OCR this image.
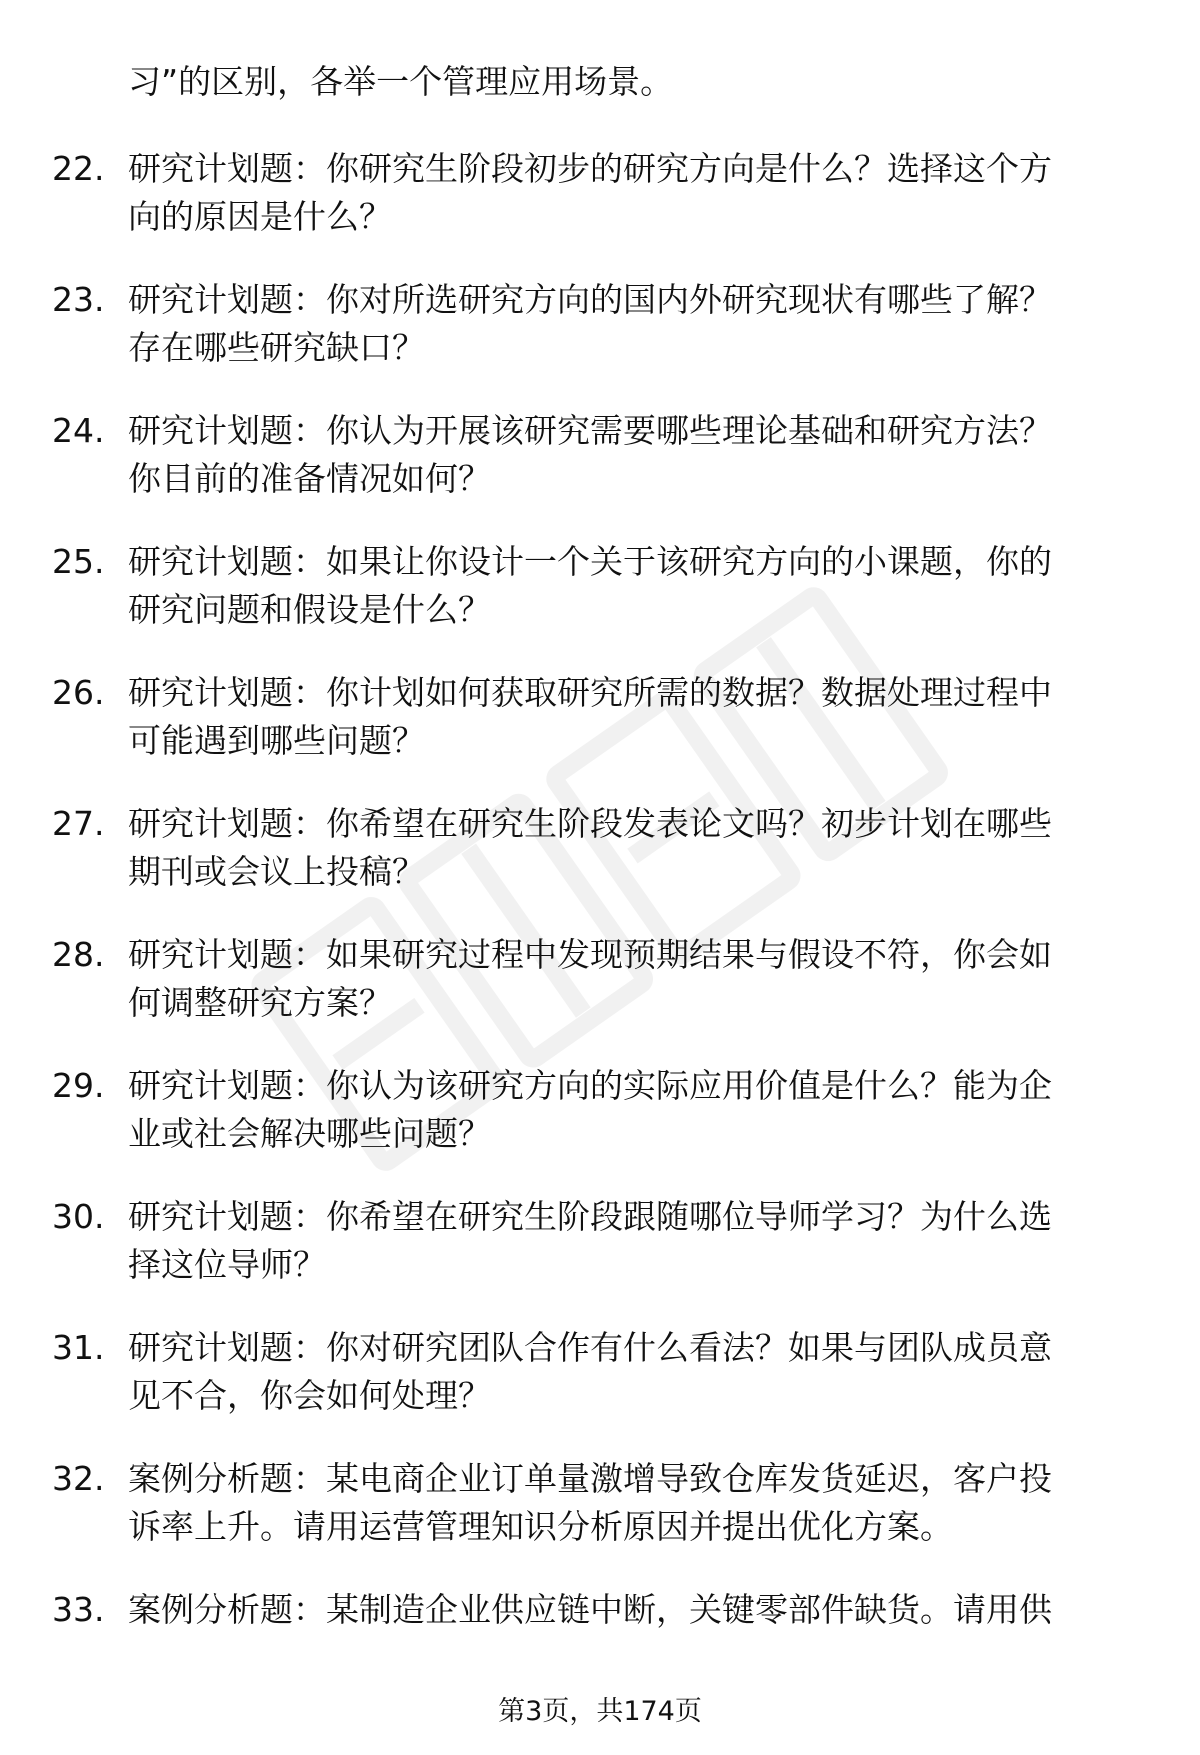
习”的区别，各举一个管理应用场景。
22. 研究计划题：你研究生阶段初步的研究方向是什么？选择这个方
向的原因是什么？
23. 研究计划题：你对所选研究方向的国内外研究现状有哪些了解？
存在哪些研究缺口？
24. 研究计划题：你认为开展该研究需要哪些理论基础和研究方法？
你目前的准备情况如何？
25. 研究计划题：如果让你设计一个关于该研究方向的小课题，你的
研究问题和假设是什么？
26. 研究计划题：你计划如何获取研究所需的数据？数据处理过程中
可能遇到哪些问题？
27. 研究计划题：你希望在研究生阶段发表论文吗？初步计划在哪些
期刊或会议上投稿？
28. 研究计划题：如果研究过程中发现预期结果与假设不符，你会如
何调整研究方案？
29. 研究计划题：你认为该研究方向的实际应用价值是什么？能为企
业或社会解决哪些问题？
30. 研究计划题：你希望在研究生阶段跟随哪位导师学习？为什么选
择这位导师？
31. 研究计划题：你对研究团队合作有什么看法？如果与团队成员意
见不合，你会如何处理？
32. 案例分析题：某电商企业订单量激增导致仓库发货延迟，客户投
诉率上升。请用运营管理知识分析原因并提出优化方案。
33. 案例分析题：某制造企业供应链中断，关键零部件缺货。请用供
第3页，共174页
